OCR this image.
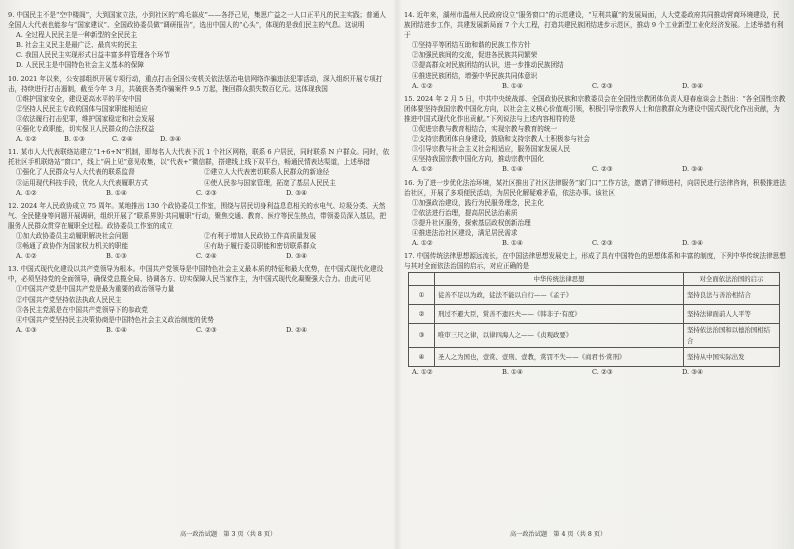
9. 中国民主不是“空中楼阁”，大到国家立法，小到社区的“鸡毛蒜皮”——各抒己见，集思广益之一人口正平凡的民主实践；普通人全国人大代表也能参与“国家建议”、全国政协委员做“调研报告”，选出中国人的“心头”，体现的是我们民主的气息。这说明
A. 全过程人民民主是一种新型的全民民主
B. 社会主义民主是最广泛、最真实的民主
C. 我国人民民主实现形式日益丰富多样管理各个环节
D. 人民民主是中国特色社会主义基本的保障
10. 2021 年以来，公安部组织开展专项行动，重点打击全国公安机关依法惩治电信网络诈骗违法犯罪活动，深入组织开展专项打击，持续进行打击遏制，截至今年 3 月，共破获各类诈骗案件 9.5 万起，挽回群众损失数百亿元。这体现我国
①维护国家安全，建设更高水平的平安中国
②坚持人民民主专政的国体与国家职能相适应
③依法履行打击犯罪，维护国家稳定和社会发展
④强化专政职能，切实保卫人民群众的合法权益
A. ①②	B. ①③	C. ②④	D. ③④
11. 某市人大代表联络站建立“1+6+N”机制，即每名人大代表下沉 1 个社区网格，联系 6 户居民，同时联系 N 户群众。同时，依托社区手机联络站“窗口”，线上“码上见”意见收集，以“代表+”微信群，搭建线上线下双平台，畅通民情表达渠道，上述举措
①强化了人民群众与人大代表的联系监督	②建立人大代表密切联系人民群众的新途径
③运用现代科技手段，优化人大代表履职方式	④使人民参与国家管理，拓宽了基层人民民主
A. ①②	B. ①④	C. ②③	D. ③④
12. 2024 年人民政协成立 75 周年。某地推出 130 个政协委员工作室，围绕与居民切身利益息息相关的水电气、垃圾分类、天然气、全民健身等问题开展调研，组织开展了“联系界别·共同履职”行动，聚焦交通、教育、医疗等民生热点，带领委员深入基层，把服务人民群众贯穿在履职全过程。政协委员工作室的成立
①加大政协委员主动履职解决社会问题	②有利于增加人民政协工作高质量发展
③畅通了政协作为国家权力机关的职能	④有助于履行委员职能和密切联系群众
A. ①②	B. ①③	C. ②④	D. ③④
13. 中国式现代化建设以共产党领导为根本。中国共产党领导是中国特色社会主义最本质的特征和最大优势，在中国式现代化建设中，必须坚持党的全面领导，确保党总揽全局、协调各方、切实保障人民当家作主，为中国式现代化凝聚强大合力。由此可见
①中国共产党是中国共产党是最为重要的政治领导力量
②中国共产党坚持依法执政人民民主
③各民主党派是在中国共产党领导下的参政党
④中国共产党坚持民主决策协商是中国特色社会主义政治制度的优势
A. ①③	B. ①④	C. ②③	D. ②④
高一政治试题　第 3 页（共 8 页）
14. 近年来，湖州市温州人民政府设立“服务窗口”的示范建设，“互利共赢”的发展局面，人大党委政府共同推动营商环境建设，民族团结进步工作，共建发展新局面 7 个大工程，打造共建民族团结进步示范区，推动 9 个工业新型工业化经济发展。上述举措有利于
①坚持平等团结互助和谐的民族工作方针
②加强民族间的交流，促进各民族共同繁荣
③提高群众对民族团结的认识，进一步推动民族团结
④推进民族团结，增强中华民族共同体意识
A. ①②	B. ①④	C. ②③	D. ③④
15. 2024 年 2 月 5 日，中共中央统战部、全国政协民族和宗教委员会在全国性宗教团体负责人迎春座谈会上指出：“各全国性宗教团体要坚持我国宗教中国化方向，以社会主义核心价值观引领，积极引导宗教界人士和信教群众为建设中国式现代化作出贡献，为推进中国式现代化作出贡献。”下列说法与上述内容相符的是
①促进宗教与教育相结合，实现宗教与教育的统一
②支持宗教团体自身建设，鼓励和支持宗教人士积极参与社会
③引导宗教与社会主义社会相适应，服务国家发展人民
④坚持我国宗教中国化方向，推动宗教中国化
A. ①②	B. ①④	C. ②③	D. ③④
16. 为了进一步优化法治环境，某社区推出了社区法律服务“家门口”工作方法，邀请了律师进村，向居民进行法律咨询，积极推进法治社区，开展了多项便民活动，为居民化解疑难矛盾，依法办事。该社区
①加强政治建设，践行为民服务理念，民主化
②依法进行治理，提高居民法治素质
③提升社区服务，探索基层政权创新治理
④推进法治社区建设，满足居民需求
A. ①②	B. ①④	C. ②③	D. ③④
17. 中国传统法律思想源远流长，在中国法律思想发展史上，形成了具有中国特色的思想体系和丰富的制度，下列中华传统法律思想与其对全面依法治国的启示，对应正确的是
	中华传统法律思想	对全面依法治国的启示
①	徒善不足以为政，徒法不能以自行——《孟子》	坚持良法与善治相结合
②	刑过不避大臣，赏善不遗匹夫——《韩非子·有度》	坚持法律面前人人平等
③	唯审三尺之律，以律四海人之——《贞观政要》	坚持依法治国和以德治国相结合
④	圣人之为国也，壹赏、壹刑、壹教，赏罚不失——《商君书·赏刑》	坚持从中国实际出发
A. ①②	B. ①④	C. ②③	D. ③④
高一政治试题　第 4 页（共 8 页）
